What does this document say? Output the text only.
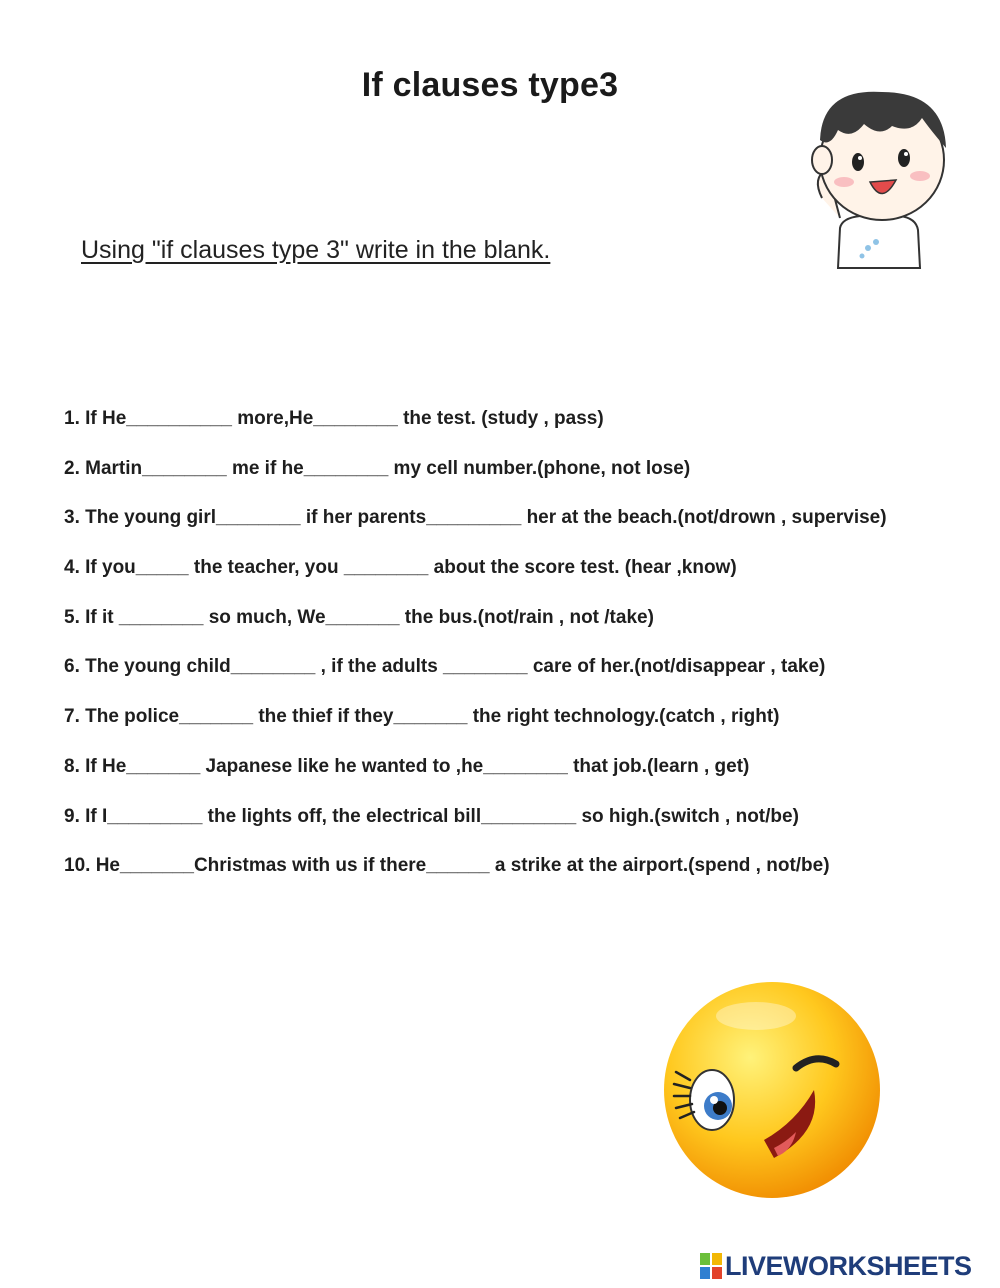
If clauses type3
Using "if clauses type 3" write in the blank.
1. If He__________ more,He________ the test. (study , pass)
2. Martin________ me if he________ my cell number.(phone, not lose)
3. The young girl________ if her parents_________ her at the beach.(not/drown , supervise)
4. If you_____ the teacher, you ________ about the score test. (hear ,know)
5. If it ________ so much, We_______ the bus.(not/rain , not /take)
6. The young child________ , if the adults ________ care of her.(not/disappear , take)
7. The police_______ the thief if they_______ the right technology.(catch , right)
8. If He_______ Japanese like he wanted to ,he________ that job.(learn , get)
9. If I_________ the lights off, the electrical bill_________ so high.(switch , not/be)
10. He_______Christmas with us if there______ a strike at the airport.(spend , not/be)
LIVEWORKSHEETS
